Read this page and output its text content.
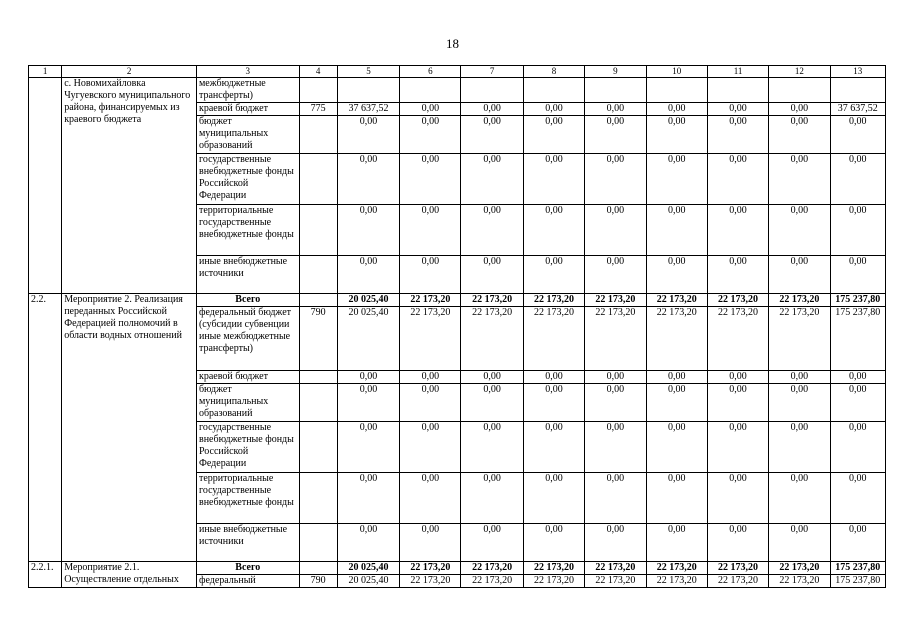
18
1	2	3	4	5	6	7	8	9	10	11	12	13
	с. Новомихайловка Чугуевского муниципального района, финансируемых из краевого бюджета	межбюджетные трансферты)										
		краевой бюджет	775	37 637,52	0,00	0,00	0,00	0,00	0,00	0,00	0,00	37 637,52
		бюджет муниципальных образований		0,00	0,00	0,00	0,00	0,00	0,00	0,00	0,00	0,00
		государственные внебюджетные фонды Российской Федерации		0,00	0,00	0,00	0,00	0,00	0,00	0,00	0,00	0,00
		территориальные государственные внебюджетные фонды		0,00	0,00	0,00	0,00	0,00	0,00	0,00	0,00	0,00
		иные внебюджетные источники		0,00	0,00	0,00	0,00	0,00	0,00	0,00	0,00	0,00
2.2.	Мероприятие 2. Реализация переданных Российской Федерацией полномочий в области водных отношений	Всего		20 025,40	22 173,20	22 173,20	22 173,20	22 173,20	22 173,20	22 173,20	22 173,20	175 237,80
		федеральный бюджет (субсидии субвенции иные межбюджетные трансферты)	790	20 025,40	22 173,20	22 173,20	22 173,20	22 173,20	22 173,20	22 173,20	22 173,20	175 237,80
		краевой бюджет		0,00	0,00	0,00	0,00	0,00	0,00	0,00	0,00	0,00
		бюджет муниципальных образований		0,00	0,00	0,00	0,00	0,00	0,00	0,00	0,00	0,00
		государственные внебюджетные фонды Российской Федерации		0,00	0,00	0,00	0,00	0,00	0,00	0,00	0,00	0,00
		территориальные государственные внебюджетные фонды		0,00	0,00	0,00	0,00	0,00	0,00	0,00	0,00	0,00
		иные внебюджетные источники		0,00	0,00	0,00	0,00	0,00	0,00	0,00	0,00	0,00
2.2.1.	Мероприятие 2.1. Осуществление отдельных	Всего		20 025,40	22 173,20	22 173,20	22 173,20	22 173,20	22 173,20	22 173,20	22 173,20	175 237,80
		федеральный	790	20 025,40	22 173,20	22 173,20	22 173,20	22 173,20	22 173,20	22 173,20	22 173,20	175 237,80
